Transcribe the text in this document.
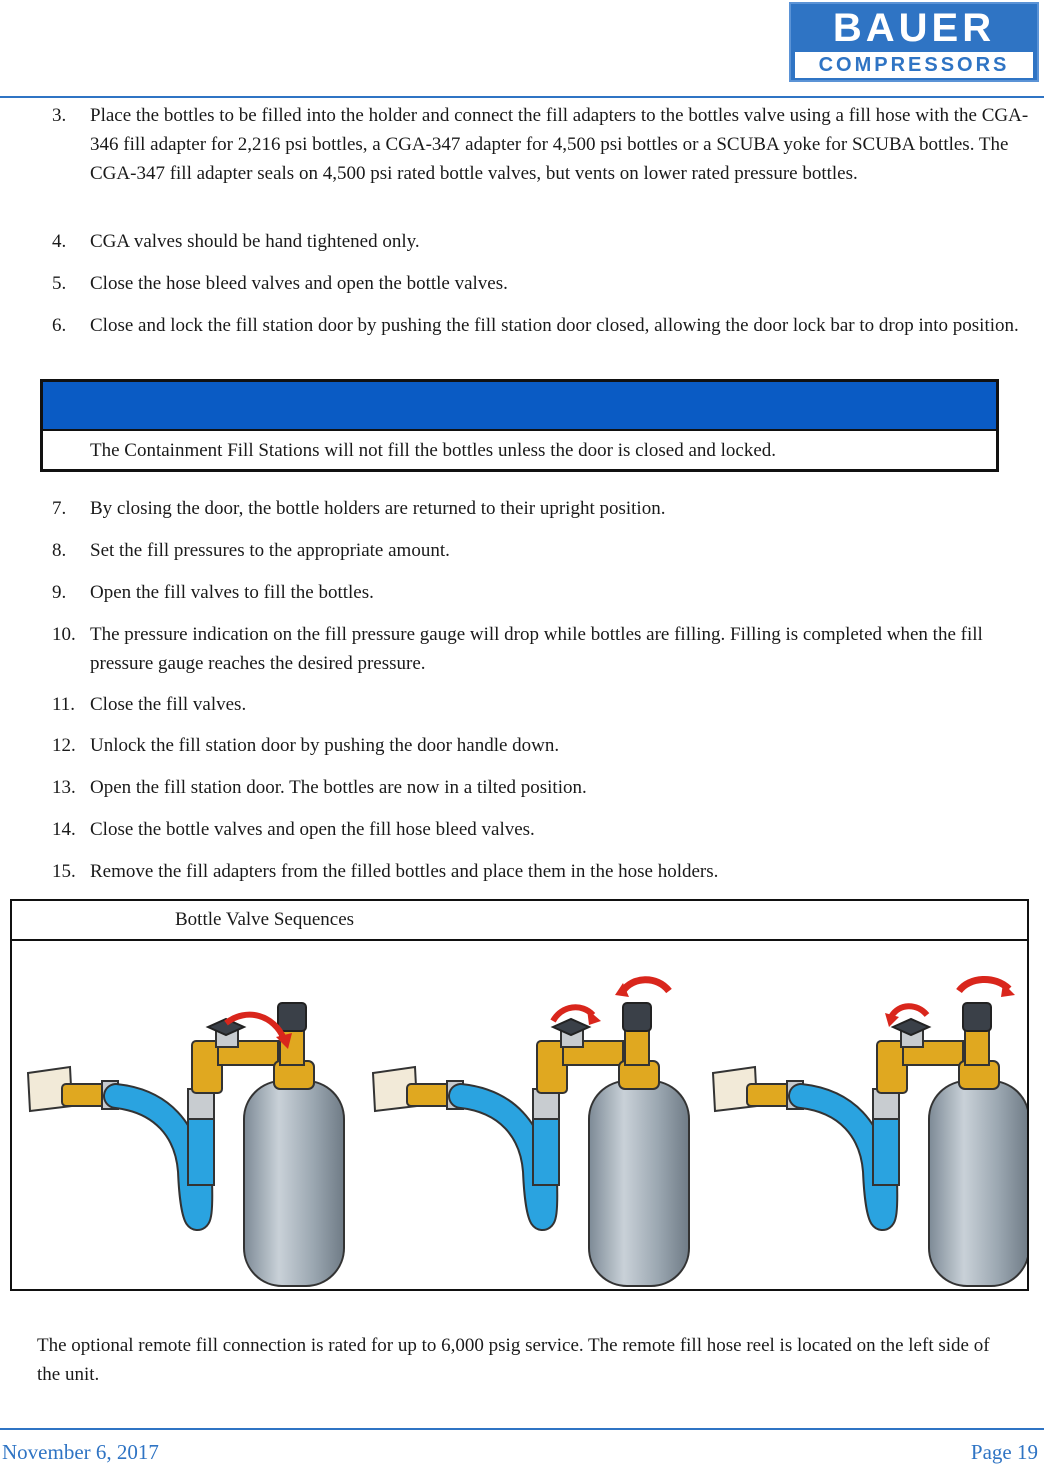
BAUER
COMPRESSORS
3.	Place the bottles to be filled into the holder and connect the fill adapters to the bottles valve using a fill hose with the CGA-346 fill adapter for 2,216 psi bottles, a CGA-347 adapter for 4,500 psi bottles or a SCUBA yoke for SCUBA bottles. The CGA-347 fill adapter seals on 4,500 psi rated bottle valves, but vents on lower rated pressure bottles.
4.	CGA valves should be hand tightened only.
5.	Close the hose bleed valves and open the bottle valves.
6.	Close and lock the fill station door by pushing the fill station door closed, allowing the door lock bar to drop into position.
The Containment Fill Stations will not fill the bottles unless the door is closed and locked.
7.	By closing the door, the bottle holders are returned to their upright position.
8.	Set the fill pressures to the appropriate amount.
9.	Open the fill valves to fill the bottles.
10. The pressure indication on the fill pressure gauge will drop while bottles are filling. Filling is completed when the fill pressure gauge reaches the desired pressure.
11. Close the fill valves.
12. Unlock the fill station door by pushing the door handle down.
13. Open the fill station door. The bottles are now in a tilted position.
14. Close the bottle valves and open the fill hose bleed valves.
15. Remove the fill adapters from the filled bottles and place them in the hose holders.
Bottle Valve Sequences
The optional remote fill connection is rated for up to 6,000 psig service. The remote fill hose reel is located on the left side of the unit.
November 6, 2017	Page 19
